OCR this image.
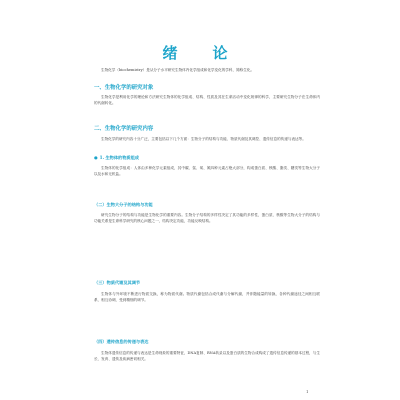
绪　论

生物化学（biochemistry）是从分子水平研究生物体内化学组成和化学变化的学科，简称生化。

一、生物化学的研究对象

生物化学是利用化学的理论和方法研究生物体的化学组成、结构、性质及其在生命活动中变化规律的科学，主要研究生物分子在生命体内的代谢转化。

二、生物化学的研究内容

生物化学的研究内容十分广泛，主要包括以下几个方面：生物分子的结构与功能、物质代谢及其调控、遗传信息的传递与表达等。

● 1. 生物体的物质组成

生物体的化学组成：人体由多种化学元素组成，其中碳、氢、氧、氮四种元素占绝大部分，构成蛋白质、核酸、脂类、糖类等生物大分子以及水和无机盐。

（二）生物大分子的结构与功能

研究生物分子的结构与功能是生物化学的重要内容。生物分子结构的多样性决定了其功能的多样性，蛋白质、核酸等生物大分子的结构与功能关系是生命科学研究的核心问题之一，结构决定功能，功能反映结构。

（三）物质代谢及其调节

生物体与外环境不断进行物质交换，称为物质代谢。物质代谢包括合成代谢与分解代谢，并伴随能量的转换，各种代谢途径之间相互联系、相互协调，受到精细的调节。

（四）遗传信息的传递与表达

生物体遗传信息的传递与表达是生命现象的重要特征，DNA复制、RNA转录以及蛋白质的生物合成构成了遗传信息传递的基本过程，与生长、发育、遗传及疾病密切相关。

1
